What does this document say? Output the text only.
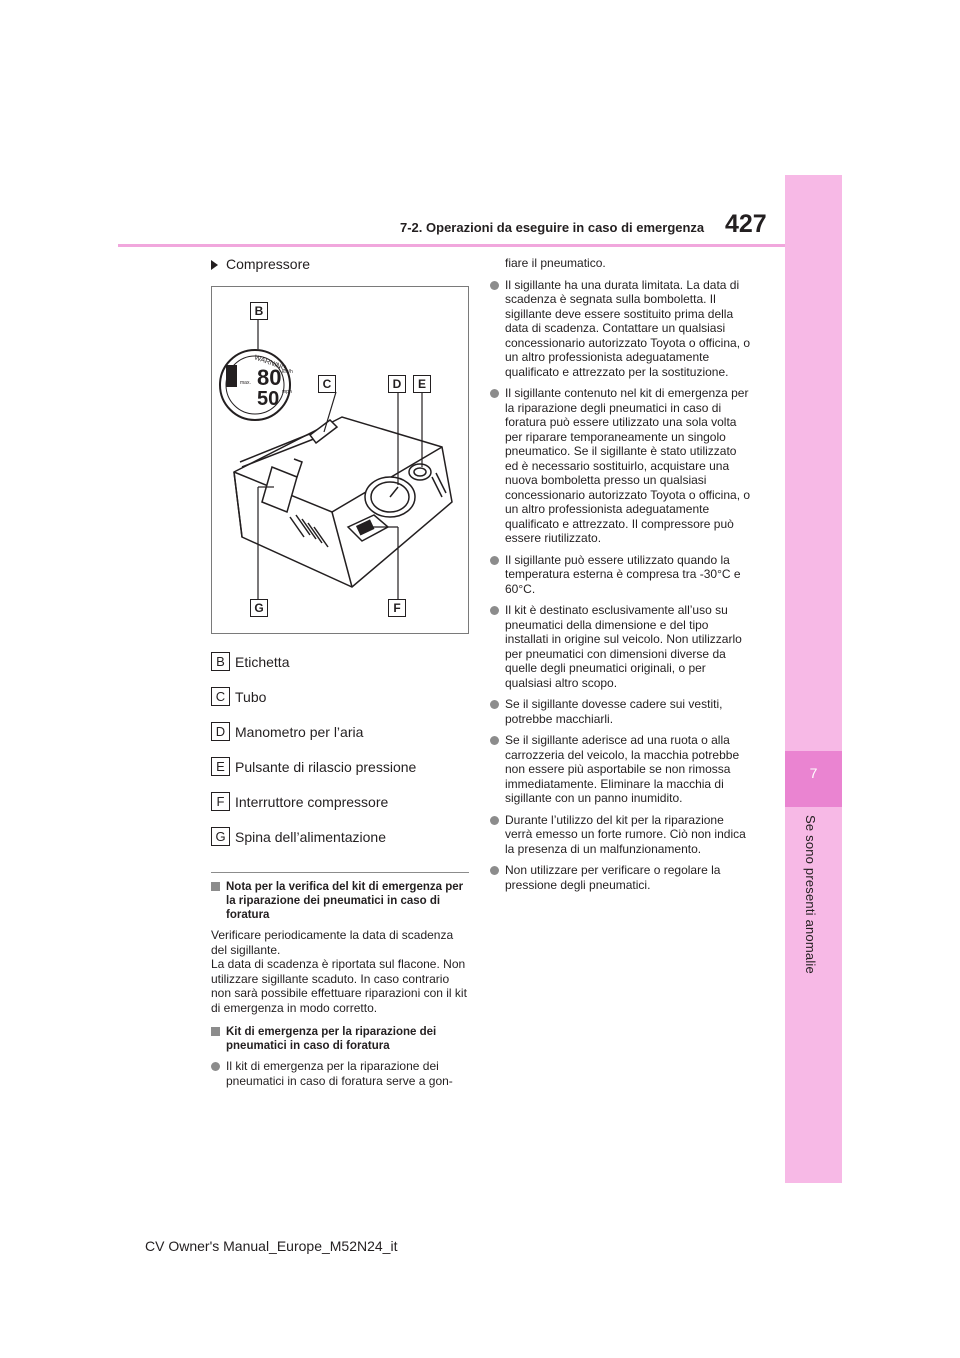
7
Se sono presenti anomalie
7-2. Operazioni da eseguire in caso di emergenza 427
Compressore
80
50
max.
km/h
mph
WARNING
B
C	D	E
F
G
B Etichetta
C Tubo
D Manometro per l’aria
E Pulsante di rilascio pressione
F Interruttore compressore
G Spina dell’alimentazione
Nota per la verifica del kit di emergenza per la riparazione dei pneumatici in caso di foratura
Verificare periodicamente la data di scadenza del sigillante.
La data di scadenza è riportata sul flacone. Non utilizzare sigillante scaduto. In caso contrario non sarà possibile effettuare riparazioni con il kit di emergenza in modo corretto.
Kit di emergenza per la riparazione dei pneumatici in caso di foratura
Il kit di emergenza per la riparazione dei pneumatici in caso di foratura serve a gon-
fiare il pneumatico.
Il sigillante ha una durata limitata. La data di scadenza è segnata sulla bomboletta. Il sigillante deve essere sostituito prima della data di scadenza. Contattare un qualsiasi concessionario autorizzato Toyota o officina, o un altro professionista adeguatamente qualificato e attrezzato per la sostituzione.
Il sigillante contenuto nel kit di emergenza per la riparazione degli pneumatici in caso di foratura può essere utilizzato una sola volta per riparare temporaneamente un singolo pneumatico. Se il sigillante è stato utilizzato ed è necessario sostituirlo, acquistare una nuova bomboletta presso un qualsiasi concessionario autorizzato Toyota o officina, o un altro professionista adeguatamente qualificato e attrezzato. Il compressore può essere riutilizzato.
Il sigillante può essere utilizzato quando la temperatura esterna è compresa tra -30°C e 60°C.
Il kit è destinato esclusivamente all’uso su pneumatici della dimensione e del tipo installati in origine sul veicolo. Non utilizzarlo per pneumatici con dimensioni diverse da quelle degli pneumatici originali, o per qualsiasi altro scopo.
Se il sigillante dovesse cadere sui vestiti, potrebbe macchiarli.
Se il sigillante aderisce ad una ruota o alla carrozzeria del veicolo, la macchia potrebbe non essere più asportabile se non rimossa immediatamente. Eliminare la macchia di sigillante con un panno inumidito.
Durante l’utilizzo del kit per la riparazione verrà emesso un forte rumore. Ciò non indica la presenza di un malfunzionamento.
Non utilizzare per verificare o regolare la pressione degli pneumatici.
CV Owner's Manual_Europe_M52N24_it
